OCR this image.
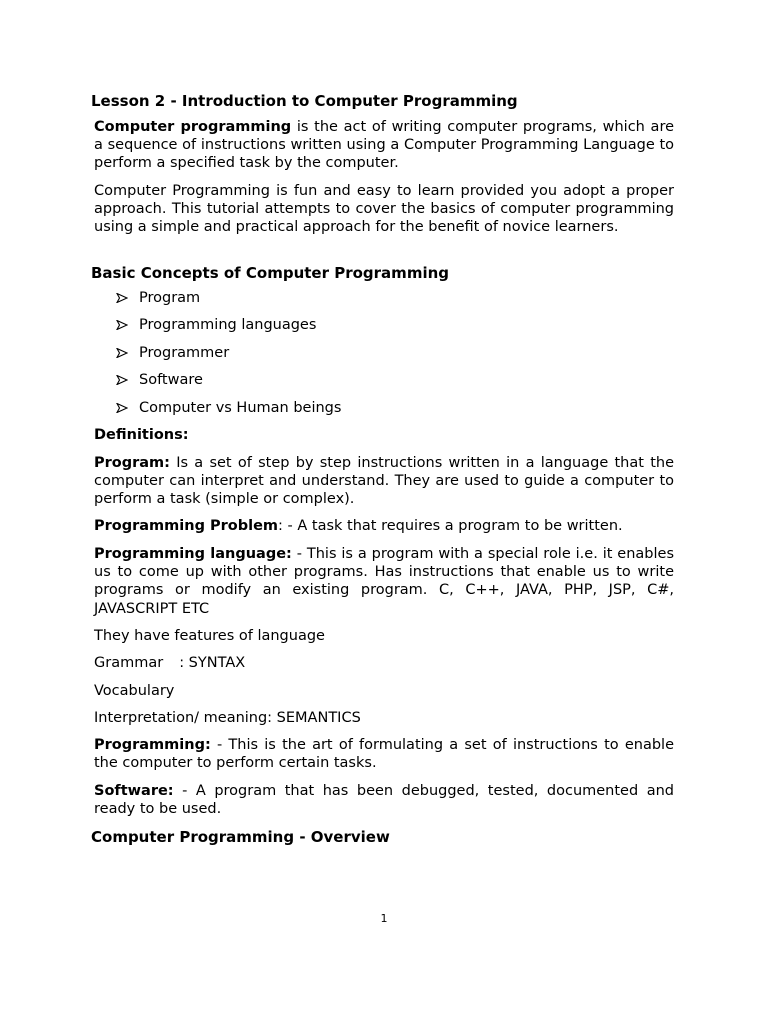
Lesson 2 - Introduction to Computer Programming
Computer programming is the act of writing computer programs, which are a sequence of instructions written using a Computer Programming Language to perform a specified task by the computer.
Computer Programming is fun and easy to learn provided you adopt a proper approach. This tutorial attempts to cover the basics of computer programming using a simple and practical approach for the benefit of novice learners.
Basic Concepts of Computer Programming
Program
Programming languages
Programmer
Software
Computer vs Human beings
Definitions:
Program: Is a set of step by step instructions written in a language that the computer can interpret and understand. They are used to guide a computer to perform a task (simple or complex).
Programming Problem: - A task that requires a program to be written.
Programming language: - This is a program with a special role i.e. it enables us to come up with other programs. Has instructions that enable us to write programs or modify an existing program. C, C++, JAVA, PHP, JSP, C#, JAVASCRIPT ETC
They have features of language
Grammar : SYNTAX
Vocabulary
Interpretation/ meaning: SEMANTICS
Programming: - This is the art of formulating a set of instructions to enable the computer to perform certain tasks.
Software: - A program that has been debugged, tested, documented and ready to be used.
Computer Programming - Overview
1
